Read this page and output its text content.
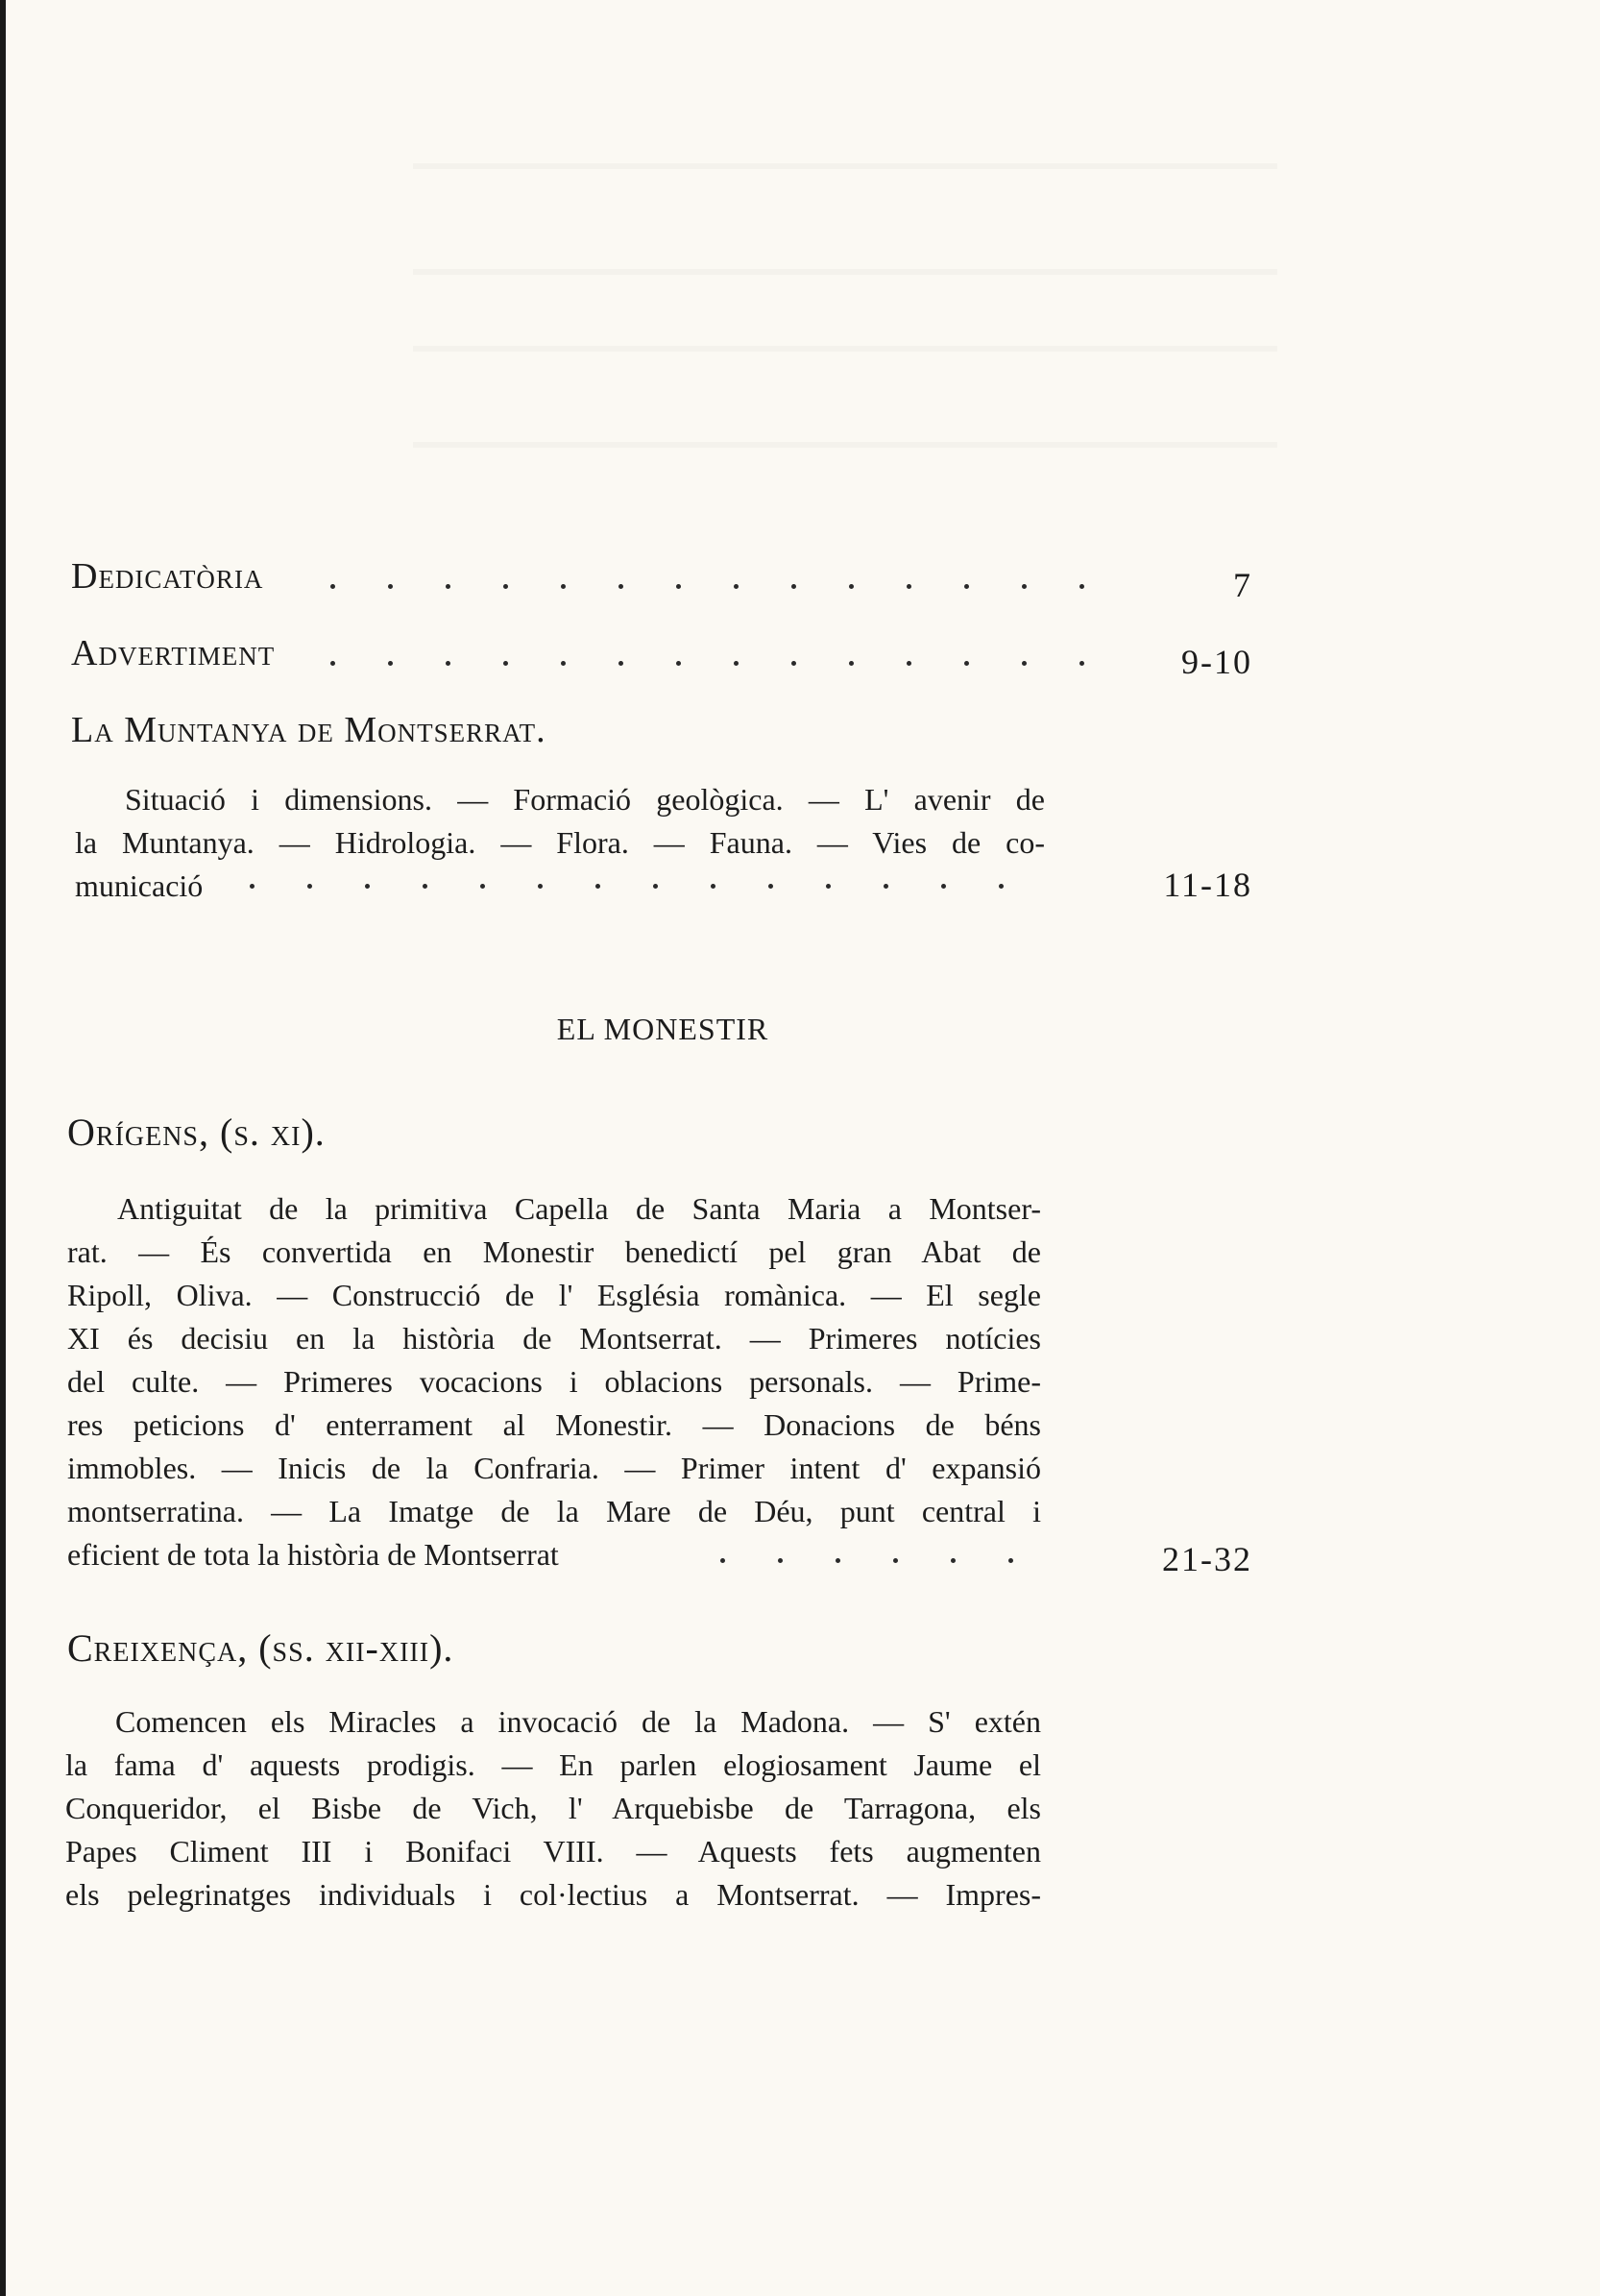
Dedicatòria	7
Advertiment	9-10
La Muntanya de Montserrat.
Situació i dimensions. — Formació geològica. — L' avenir de
la Muntanya. — Hidrologia. — Flora. — Fauna. — Vies de co-
municació	11-18
EL MONESTIR
Orígens, (s. xi).
Antiguitat de la primitiva Capella de Santa Maria a Montser-
rat. — És convertida en Monestir benedictí pel gran Abat de
Ripoll, Oliva. — Construcció de l' Església romànica. — El segle
XI és decisiu en la història de Montserrat. — Primeres notícies
del culte. — Primeres vocacions i oblacions personals. — Prime-
res peticions d' enterrament al Monestir. — Donacions de béns
immobles. — Inicis de la Confraria. — Primer intent d' expansió
montserratina. — La Imatge de la Mare de Déu, punt central i
eficient de tota la història de Montserrat	21-32
Creixença, (ss. xii-xiii).
Comencen els Miracles a invocació de la Madona. — S' extén
la fama d' aquests prodigis. — En parlen elogiosament Jaume el
Conqueridor, el Bisbe de Vich, l' Arquebisbe de Tarragona, els
Papes Climent III i Bonifaci VIII. — Aquests fets augmenten
els pelegrinatges individuals i col·lectius a Montserrat. — Impres-
